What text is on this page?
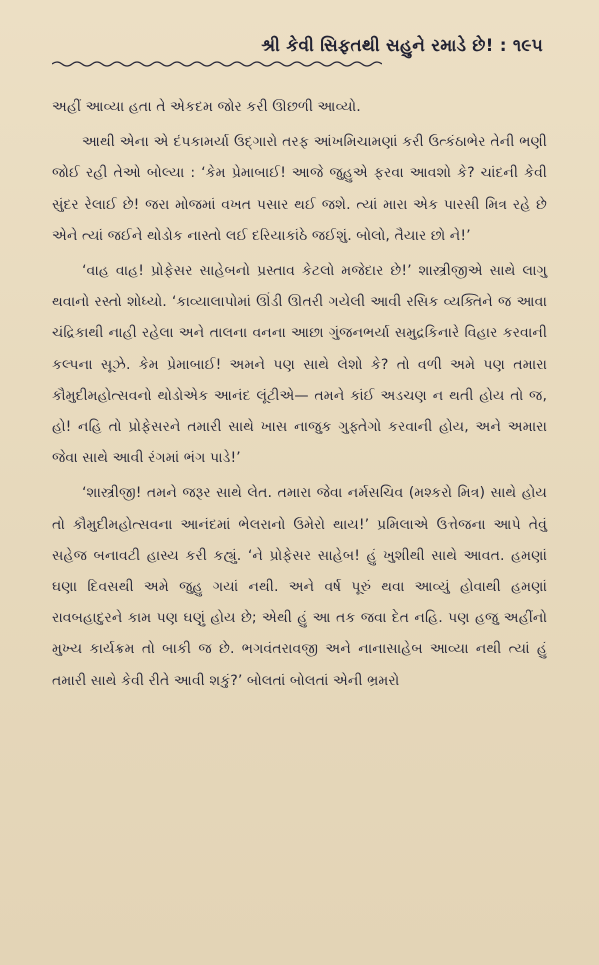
શ્રી કેવી સિફતથી સહુને રમાડે છે! : ૧૯૫

અહીં આવ્યા હતા તે એકદમ જોર કરી ઊછળી આવ્યો.

આથી એના એ દંપકામર્યા ઉદ્ગારો તરફ આંખમિચામણાં કરી ઉત્કંઠાભેર તેની ભણી જોઈ રહી તેઓ બોલ્યા : ‘કેમ પ્રેમાબાઈ! આજે જુહુએ ફરવા આવશો કે? ચાંદની કેવી સુંદર રેલાઈ છે! જરા મોજમાં વખત પસાર થઈ જશે. ત્યાં મારા એક પારસી મિત્ર રહે છે એને ત્યાં જઈને થોડોક નાસ્તો લઈ દરિયાકાંઠે જઈશું. બોલો, તૈયાર છો ને!’

‘વાહ વાહ! પ્રોફેસર સાહેબનો પ્રસ્તાવ કેટલો મજેદાર છે!’ શાસ્ત્રીજીએ સાથે લાગુ થવાનો રસ્તો શોધ્યો. ‘કાવ્યાલાપોમાં ઊંડી ઊતરી ગયેલી આવી રસિક વ્યક્તિને જ આવા ચંદ્રિકાથી નાહી રહેલા અને તાલના વનના આછા ગુંજનભર્યા સમુદ્રકિનારે વિહાર કરવાની કલ્પના સૂઝે. કેમ પ્રેમાબાઈ! અમને પણ સાથે લેશો કે? તો વળી અમે પણ તમારા કૌમુદીમહોત્સવનો થોડોએક આનંદ લૂંટીએ— તમને કાંઈ અડચણ ન થતી હોય તો જ, હો! નહિ તો પ્રોફેસરને તમારી સાથે ખાસ નાજુક ગુફ્તેગો કરવાની હોય, અને અમારા જેવા સાથે આવી રંગમાં ભંગ પાડે!’

‘શાસ્ત્રીજી! તમને જરૂર સાથે લેત. તમારા જેવા નર્મસચિવ (મશ્કરો મિત્ર) સાથે હોય તો કૌમુદીમહોત્સવના આનંદમાં ભેલરાનો ઉમેરો થાય!’ પ્રમિલાએ ઉત્તેજના આપે તેવું સહેજ બનાવટી હાસ્ય કરી કહ્યું. ‘ને પ્રોફેસર સાહેબ! હું ખુશીથી સાથે આવત. હમણાં ઘણા દિવસથી અમે જુહુ ગયાં નથી. અને વર્ષ પૂરું થવા આવ્યું હોવાથી હમણાં રાવબહાદુરને કામ પણ ઘણું હોય છે; એથી હું આ તક જવા દેત નહિ. પણ હજુ અહીંનો મુખ્ય કાર્યક્રમ તો બાકી જ છે. ભગવંતરાવજી અને નાનાસાહેબ આવ્યા નથી ત્યાં હું તમારી સાથે કેવી રીતે આવી શકું?’ બોલતાં બોલતાં એની ભ્રમરો
